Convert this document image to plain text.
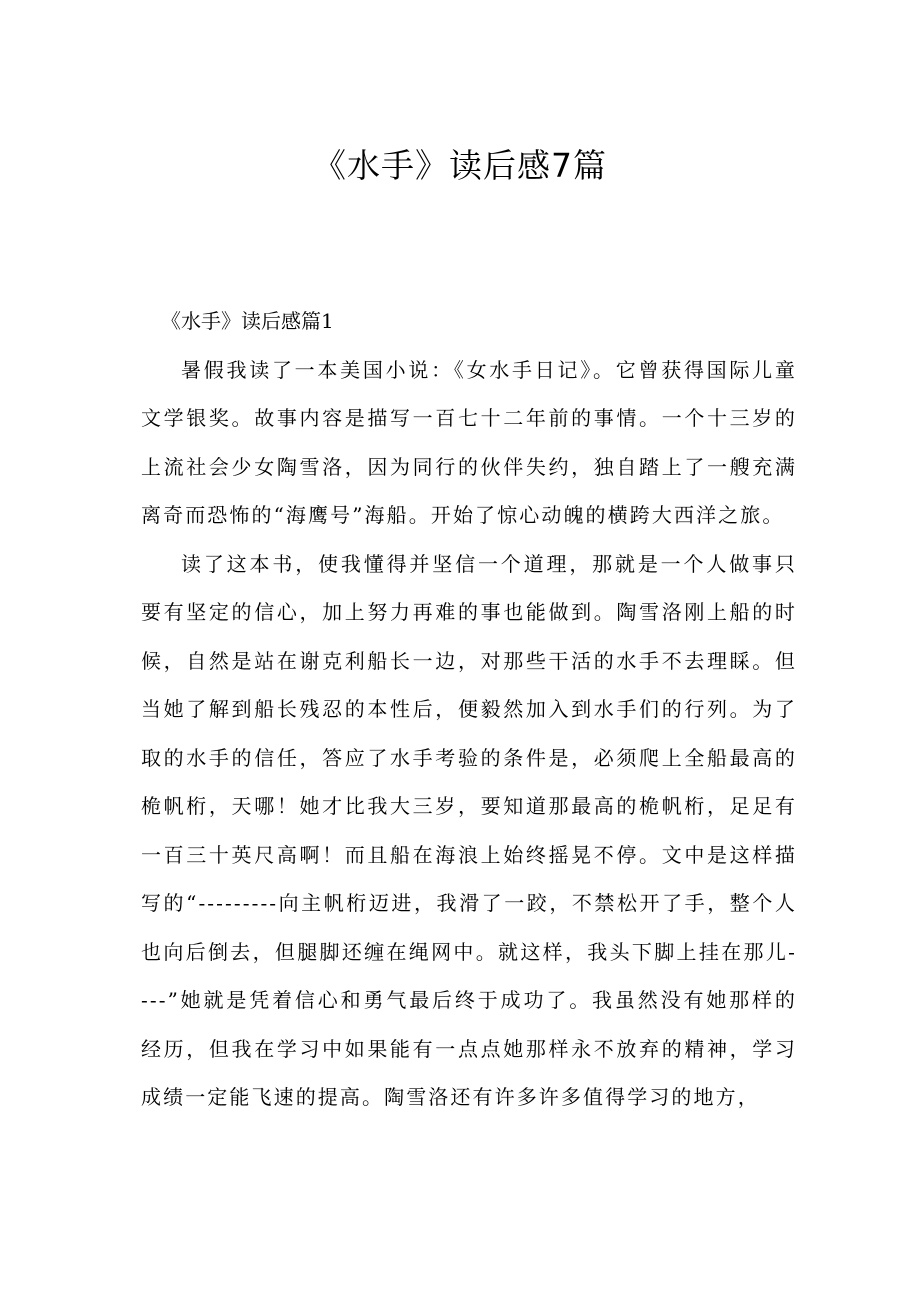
《水手》读后感7篇
《水手》读后感篇1

暑假我读了一本美国小说：《女水手日记》。它曾获得国际儿童文学银奖。故事内容是描写一百七十二年前的事情。一个十三岁的上流社会少女陶雪洛，因为同行的伙伴失约，独自踏上了一艘充满离奇而恐怖的“海鹰号”海船。开始了惊心动魄的横跨大西洋之旅。

读了这本书，使我懂得并坚信一个道理，那就是一个人做事只要有坚定的信心，加上努力再难的事也能做到。陶雪洛刚上船的时候，自然是站在谢克利船长一边，对那些干活的水手不去理睬。但当她了解到船长残忍的本性后，便毅然加入到水手们的行列。为了取的水手的信任，答应了水手考验的条件是，必须爬上全船最高的桅帆桁，天哪！她才比我大三岁，要知道那最高的桅帆桁，足足有一百三十英尺高啊！而且船在海浪上始终摇晃不停。文中是这样描写的“---------向主帆桁迈进，我滑了一跤，不禁松开了手，整个人也向后倒去，但腿脚还缠在绳网中。就这样，我头下脚上挂在那儿----”她就是凭着信心和勇气最后终于成功了。我虽然没有她那样的经历，但我在学习中如果能有一点点她那样永不放弃的精神，学习成绩一定能飞速的提高。陶雪洛还有许多许多值得学习的地方，
